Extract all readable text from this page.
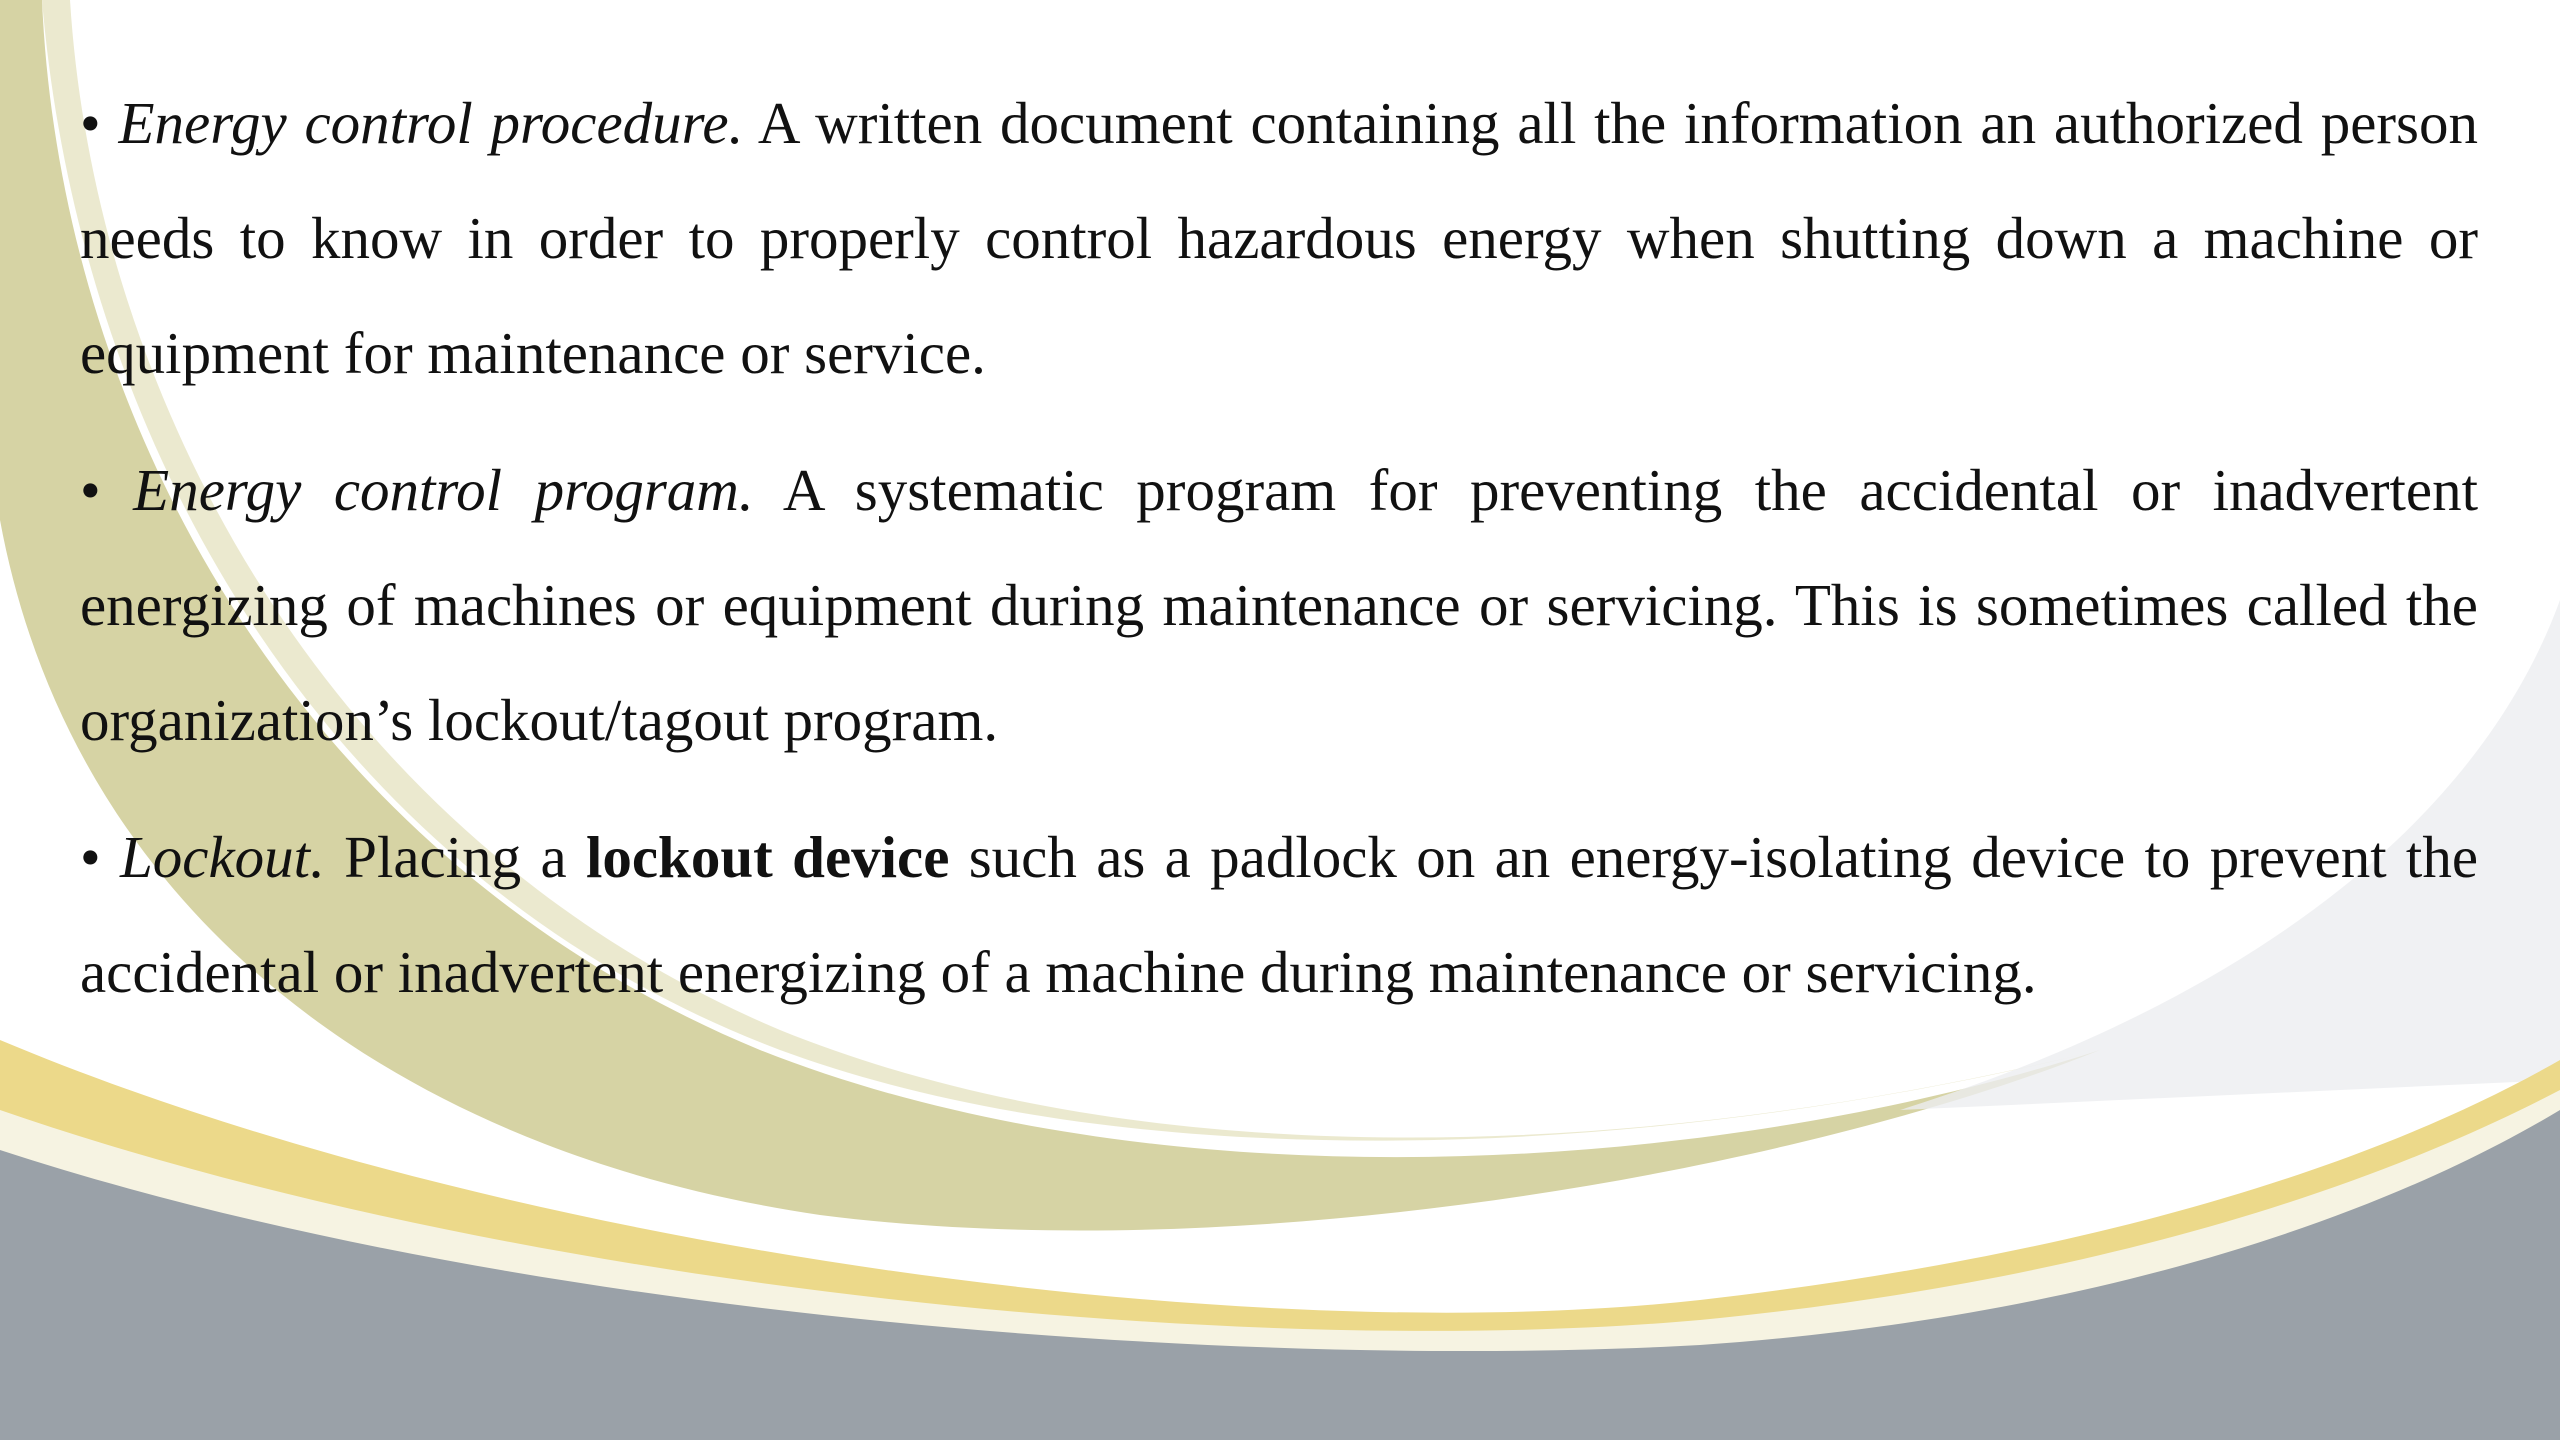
• Energy control procedure. A written document containing all the information an authorized person needs to know in order to properly control hazardous energy when shutting down a machine or equipment for maintenance or service.

• Energy control program. A systematic program for preventing the accidental or inadvertent energizing of machines or equipment during maintenance or servicing. This is sometimes called the organization’s lockout/tagout program.

• Lockout. Placing a lockout device such as a padlock on an energy-isolating device to prevent the accidental or inadvertent energizing of a machine during maintenance or servicing.
